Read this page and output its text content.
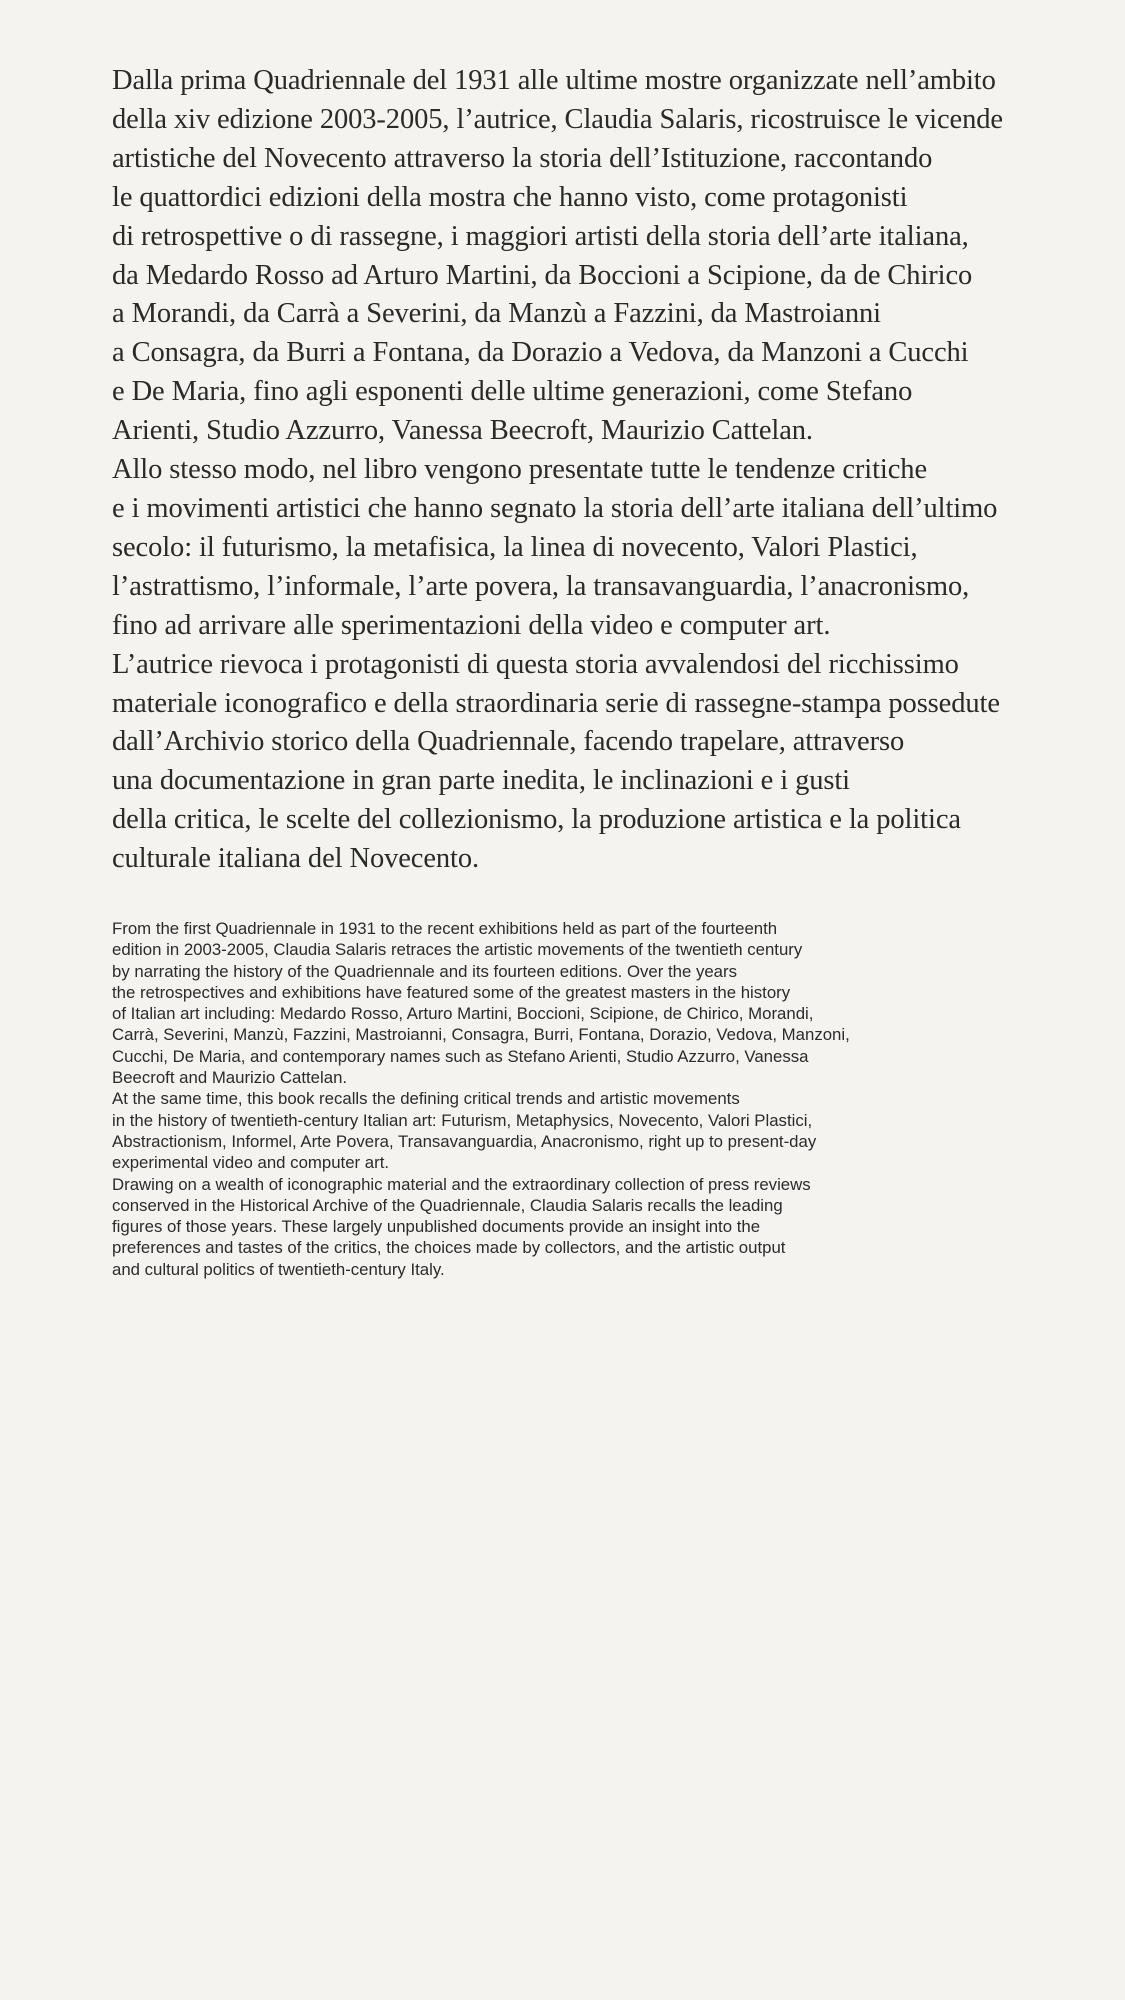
Dalla prima Quadriennale del 1931 alle ultime mostre organizzate nell’ambito
della xiv edizione 2003-2005, l’autrice, Claudia Salaris, ricostruisce le vicende
artistiche del Novecento attraverso la storia dell’Istituzione, raccontando
le quattordici edizioni della mostra che hanno visto, come protagonisti
di retrospettive o di rassegne, i maggiori artisti della storia dell’arte italiana,
da Medardo Rosso ad Arturo Martini, da Boccioni a Scipione, da de Chirico
a Morandi, da Carrà a Severini, da Manzù a Fazzini, da Mastroianni
a Consagra, da Burri a Fontana, da Dorazio a Vedova, da Manzoni a Cucchi
e De Maria, fino agli esponenti delle ultime generazioni, come Stefano
Arienti, Studio Azzurro, Vanessa Beecroft, Maurizio Cattelan.
Allo stesso modo, nel libro vengono presentate tutte le tendenze critiche
e i movimenti artistici che hanno segnato la storia dell’arte italiana dell’ultimo
secolo: il futurismo, la metafisica, la linea di novecento, Valori Plastici,
l’astrattismo, l’informale, l’arte povera, la transavanguardia, l’anacronismo,
fino ad arrivare alle sperimentazioni della video e computer art.
L’autrice rievoca i protagonisti di questa storia avvalendosi del ricchissimo
materiale iconografico e della straordinaria serie di rassegne-stampa possedute
dall’Archivio storico della Quadriennale, facendo trapelare, attraverso
una documentazione in gran parte inedita, le inclinazioni e i gusti
della critica, le scelte del collezionismo, la produzione artistica e la politica
culturale italiana del Novecento.
From the first Quadriennale in 1931 to the recent exhibitions held as part of the fourteenth
edition in 2003-2005, Claudia Salaris retraces the artistic movements of the twentieth century
by narrating the history of the Quadriennale and its fourteen editions. Over the years
the retrospectives and exhibitions have featured some of the greatest masters in the history
of Italian art including: Medardo Rosso, Arturo Martini, Boccioni, Scipione, de Chirico, Morandi,
Carrà, Severini, Manzù, Fazzini, Mastroianni, Consagra, Burri, Fontana, Dorazio, Vedova, Manzoni,
Cucchi, De Maria, and contemporary names such as Stefano Arienti, Studio Azzurro, Vanessa
Beecroft and Maurizio Cattelan.
At the same time, this book recalls the defining critical trends and artistic movements
in the history of twentieth-century Italian art: Futurism, Metaphysics, Novecento, Valori Plastici,
Abstractionism, Informel, Arte Povera, Transavanguardia, Anacronismo, right up to present-day
experimental video and computer art.
Drawing on a wealth of iconographic material and the extraordinary collection of press reviews
conserved in the Historical Archive of the Quadriennale, Claudia Salaris recalls the leading
figures of those years. These largely unpublished documents provide an insight into the
preferences and tastes of the critics, the choices made by collectors, and the artistic output
and cultural politics of twentieth-century Italy.
